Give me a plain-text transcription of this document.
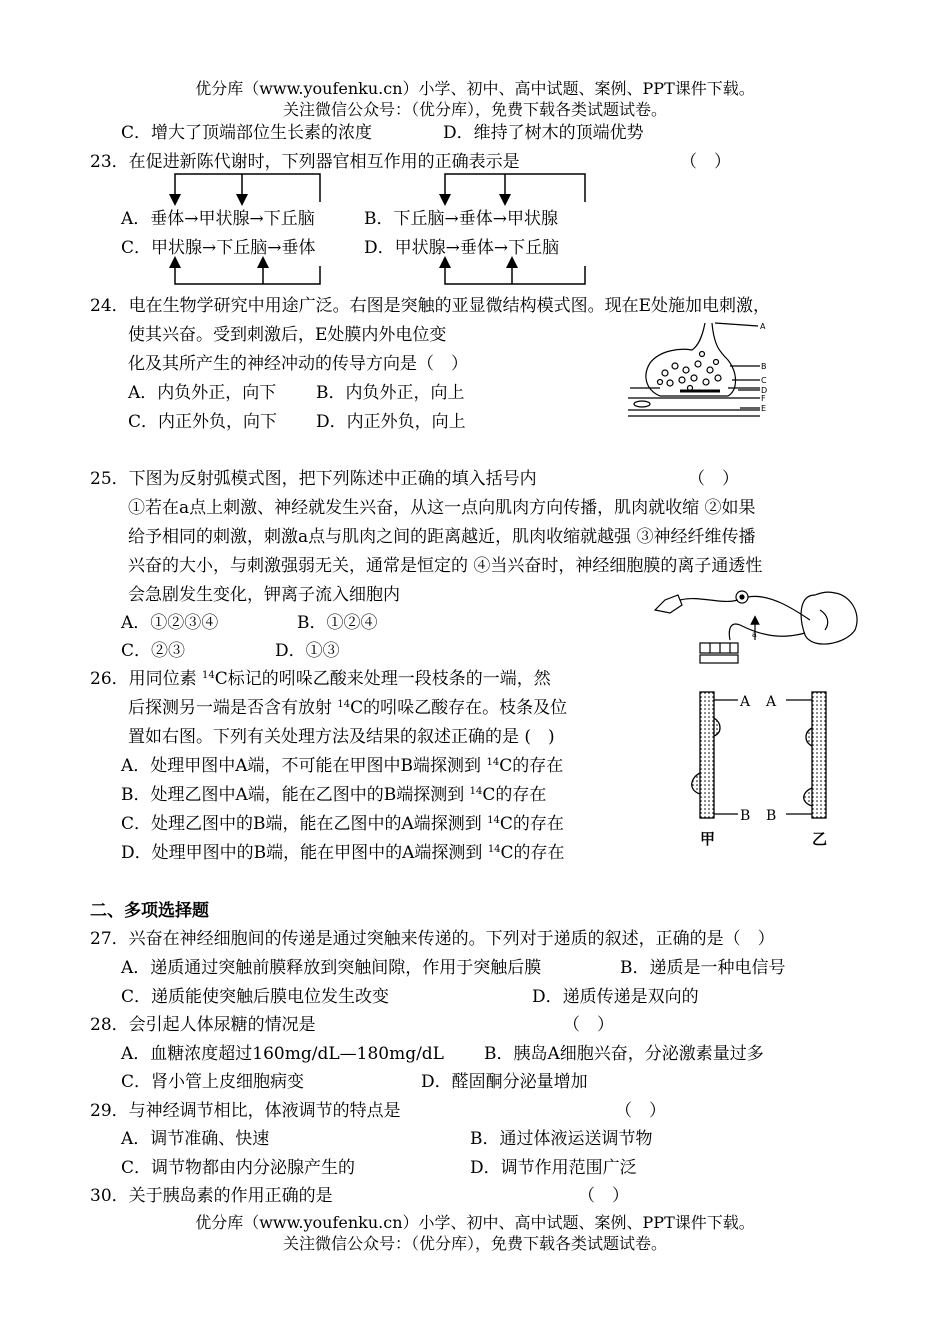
优分库（www.youfenku.cn）小学、初中、高中试题、案例、PPT课件下载。
关注微信公众号：（优分库），免费下载各类试题试卷。
C．增大了顶端部位生长素的浓度	D．维持了树木的顶端优势
23．在促进新陈代谢时，下列器官相互作用的正确表示是	（　）
A．垂体→甲状腺→下丘脑	B．下丘脑→垂体→甲状腺
C．甲状腺→下丘脑→垂体	D．甲状腺→垂体→下丘脑
24．电在生物学研究中用途广泛。右图是突触的亚显微结构模式图。现在E处施加电刺激，
使其兴奋。受到刺激后，E处膜内外电位变
化及其所产生的神经冲动的传导方向是（　）
A．内负外正，向下 B．内负外正，向上
C．内正外负，向下 D．内正外负，向上
A
B
C
D
F
E
25．下图为反射弧模式图，把下列陈述中正确的填入括号内	（　）
①若在a点上刺激、神经就发生兴奋，从这一点向肌肉方向传播，肌肉就收缩 ②如果
给予相同的刺激，刺激a点与肌肉之间的距离越近，肌肉收缩就越强 ③神经纤维传播
兴奋的大小，与刺激强弱无关，通常是恒定的 ④当兴奋时，神经细胞膜的离子通透性
会急剧发生变化，钾离子流入细胞内
A．①②③④	B．①②④
C．②③	D．①③
a
26．用同位素 $^{14}$C标记的吲哚乙酸来处理一段枝条的一端，然
后探测另一端是否含有放射 $^{14}$C的吲哚乙酸存在。枝条及位
置如右图。下列有关处理方法及结果的叙述正确的是 (　)
A．处理甲图中A端，不可能在甲图中B端探测到 $^{14}$C的存在
B．处理乙图中A端，能在乙图中的B端探测到 $^{14}$C的存在
C．处理乙图中的B端，能在乙图中的A端探测到 $^{14}$C的存在
D．处理甲图中的B端，能在甲图中的A端探测到 $^{14}$C的存在
A
B
A
B
甲	乙
二、多项选择题
27．兴奋在神经细胞间的传递是通过突触来传递的。下列对于递质的叙述，正确的是（　）
A．递质通过突触前膜释放到突触间隙，作用于突触后膜	B．递质是一种电信号
C．递质能使突触后膜电位发生改变	D．递质传递是双向的
28．会引起人体尿糖的情况是	（　）
A．血糖浓度超过160mg/dL—180mg/dL B．胰岛A细胞兴奋，分泌激素量过多
C．肾小管上皮细胞病变	D．醛固酮分泌量增加
29．与神经调节相比，体液调节的特点是	（　）
A．调节准确、快速	B．通过体液运送调节物
C．调节物都由内分泌腺产生的	D．调节作用范围广泛
30．关于胰岛素的作用正确的是	（　）
优分库（www.youfenku.cn）小学、初中、高中试题、案例、PPT课件下载。
关注微信公众号：（优分库），免费下载各类试题试卷。
